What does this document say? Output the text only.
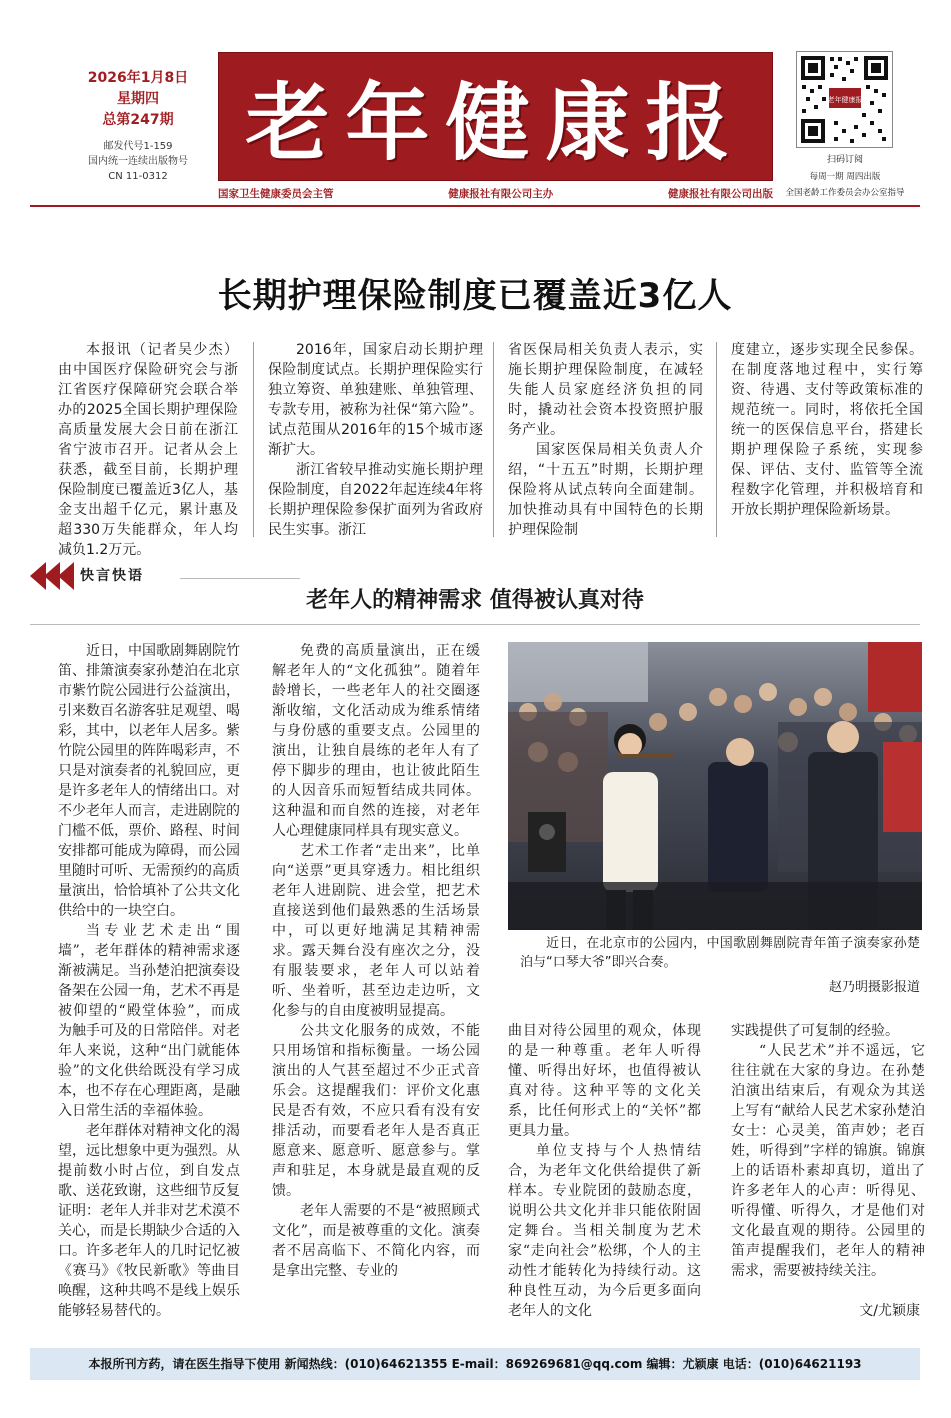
2026年1月8日
星期四
总第247期
邮发代号1-159
国内统一连续出版物号
CN 11-0312
老年健康报
国家卫生健康委员会主管	健康报社有限公司主办	健康报社有限公司出版
老年健康报
扫码订阅
每周一期 周四出版
全国老龄工作委员会办公室指导
长期护理保险制度已覆盖近3亿人

本报讯（记者吴少杰）由中国医疗保险研究会与浙江省医疗保障研究会联合举办的2025全国长期护理保险高质量发展大会日前在浙江省宁波市召开。记者从会上获悉，截至目前，长期护理保险制度已覆盖近3亿人，基金支出超千亿元，累计惠及超330万失能群众，年人均减负1.2万元。

2016年，国家启动长期护理保险制度试点。长期护理保险实行独立筹资、单独建账、单独管理、专款专用，被称为社保“第六险”。试点范围从2016年的15个城市逐渐扩大。

浙江省较早推动实施长期护理保险制度，自2022年起连续4年将长期护理保险参保扩面列为省政府民生实事。浙江

省医保局相关负责人表示，实施长期护理保险制度，在减轻失能人员家庭经济负担的同时，撬动社会资本投资照护服务产业。

国家医保局相关负责人介绍，“十五五”时期，长期护理保险将从试点转向全面建制。加快推动具有中国特色的长期护理保险制

度建立，逐步实现全民参保。在制度落地过程中，实行筹资、待遇、支付等政策标准的规范统一。同时，将依托全国统一的医保信息平台，搭建长期护理保险子系统，实现参保、评估、支付、监管等全流程数字化管理，并积极培育和开放长期护理保险新场景。

快言快语
老年人的精神需求 值得被认真对待

近日，中国歌剧舞剧院竹笛、排箫演奏家孙楚泊在北京市紫竹院公园进行公益演出，引来数百名游客驻足观望、喝彩，其中，以老年人居多。紫竹院公园里的阵阵喝彩声，不只是对演奏者的礼貌回应，更是许多老年人的情绪出口。对不少老年人而言，走进剧院的门槛不低，票价、路程、时间安排都可能成为障碍，而公园里随时可听、无需预约的高质量演出，恰恰填补了公共文化供给中的一块空白。

当专业艺术走出“围墙”，老年群体的精神需求逐渐被满足。当孙楚泊把演奏设备架在公园一角，艺术不再是被仰望的“殿堂体验”，而成为触手可及的日常陪伴。对老年人来说，这种“出门就能体验”的文化供给既没有学习成本，也不存在心理距离，是融入日常生活的幸福体验。

老年群体对精神文化的渴望，远比想象中更为强烈。从提前数小时占位，到自发点歌、送花致谢，这些细节反复证明：老年人并非对艺术漠不关心，而是长期缺少合适的入口。许多老年人的几时记忆被《赛马》《牧民新歌》等曲目唤醒，这种共鸣不是线上娱乐能够轻易替代的。

免费的高质量演出，正在缓解老年人的“文化孤独”。随着年龄增长，一些老年人的社交圈逐渐收缩，文化活动成为维系情绪与身份感的重要支点。公园里的演出，让独自晨练的老年人有了停下脚步的理由，也让彼此陌生的人因音乐而短暂结成共同体。这种温和而自然的连接，对老年人心理健康同样具有现实意义。

艺术工作者“走出来”，比单向“送票”更具穿透力。相比组织老年人进剧院、进会堂，把艺术直接送到他们最熟悉的生活场景中，可以更好地满足其精神需求。露天舞台没有座次之分，没有服装要求，老年人可以站着听、坐着听，甚至边走边听，文化参与的自由度被明显提高。

公共文化服务的成效，不能只用场馆和指标衡量。一场公园演出的人气甚至超过不少正式音乐会。这提醒我们：评价文化惠民是否有效，不应只看有没有安排活动，而要看老年人是否真正愿意来、愿意听、愿意参与。掌声和驻足，本身就是最直观的反馈。

老年人需要的不是“被照顾式文化”，而是被尊重的文化。演奏者不居高临下、不简化内容，而是拿出完整、专业的

近日，在北京市的公园内，中国歌剧舞剧院青年笛子演奏家孙楚泊与“口琴大爷”即兴合奏。
赵乃明摄影报道

曲目对待公园里的观众，体现的是一种尊重。老年人听得懂、听得出好坏，也值得被认真对待。这种平等的文化关系，比任何形式上的“关怀”都更具力量。

单位支持与个人热情结合，为老年文化供给提供了新样本。专业院团的鼓励态度，说明公共文化并非只能依附固定舞台。当相关制度为艺术家“走向社会”松绑，个人的主动性才能转化为持续行动。这种良性互动，为今后更多面向老年人的文化

实践提供了可复制的经验。

“人民艺术”并不遥远，它往往就在大家的身边。在孙楚泊演出结束后，有观众为其送上写有“献给人民艺术家孙楚泊女士：心灵美，笛声妙；老百姓，听得到”字样的锦旗。锦旗上的话语朴素却真切，道出了许多老年人的心声：听得见、听得懂、听得久，才是他们对文化最直观的期待。公园里的笛声提醒我们，老年人的精神需求，需要被持续关注。

文/尤颖康
本报所刊方药，请在医生指导下使用 新闻热线：(010)64621355 E-mail：869269681@qq.com 编辑：尤颖康 电话：(010)64621193
